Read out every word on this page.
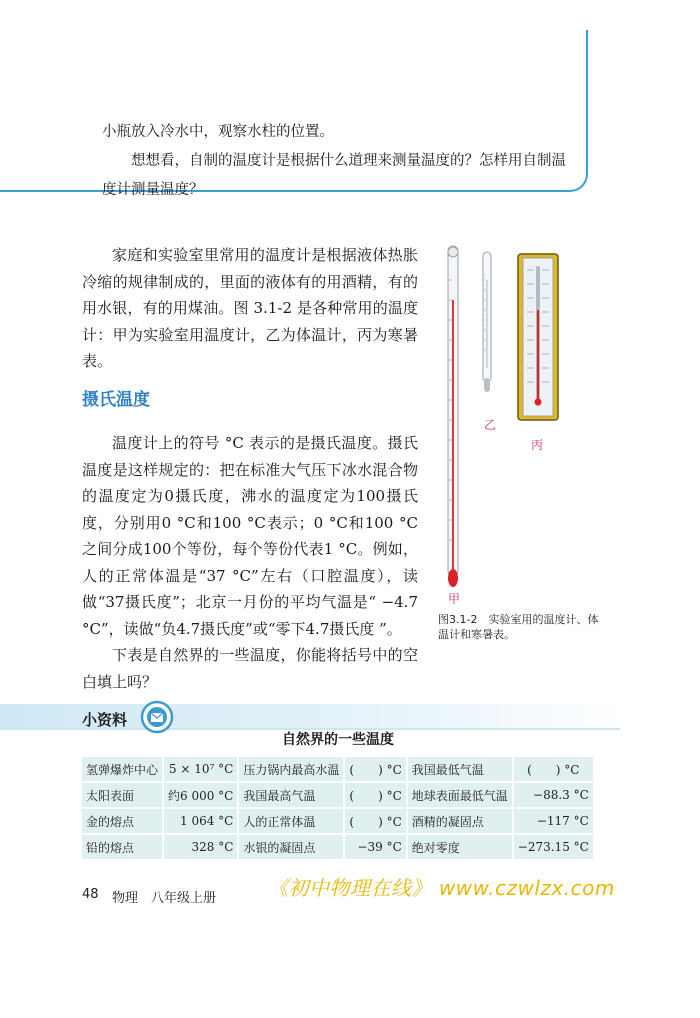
小瓶放入冷水中，观察水柱的位置。

想想看，自制的温度计是根据什么道理来测量温度的？怎样用自制温度计测量温度？

家庭和实验室里常用的温度计是根据液体热胀冷缩的规律制成的，里面的液体有的用酒精，有的用水银，有的用煤油。图 3.1-2 是各种常用的温度计：甲为实验室用温度计，乙为体温计，丙为寒暑表。

摄氏温度

温度计上的符号 °C 表示的是摄氏温度。摄氏温度是这样规定的：把在标准大气压下冰水混合物的温度定为0摄氏度，沸水的温度定为100摄氏度，分别用0 °C和100 °C表示；0 °C和100 °C之间分成100个等份，每个等份代表1 °C。例如，人的正常体温是“37 °C”左右（口腔温度），读做“37摄氏度”；北京一月份的平均气温是“ −4.7 °C”，读做“负4.7摄氏度”或“零下4.7摄氏度 ”。

下表是自然界的一些温度，你能将括号中的空白填上吗？

甲
乙
丙
图3.1-2　实验室用的温度计、体温计和寒暑表。
小资料
自然界的一些温度
氢弹爆炸中心	5 × 10⁷ °C	压力锅内最高水温	(　　) °C	我国最低气温	(　　) °C
太阳表面	约6 000 °C	我国最高气温	(　　) °C	地球表面最低气温	−88.3 °C
金的熔点	1 064 °C	人的正常体温	(　　) °C	酒精的凝固点	−117 °C
铅的熔点	328 °C	水银的凝固点	−39 °C	绝对零度	−273.15 °C
48 物理　八年级上册	《初中物理在线》 www.czwlzx.com
